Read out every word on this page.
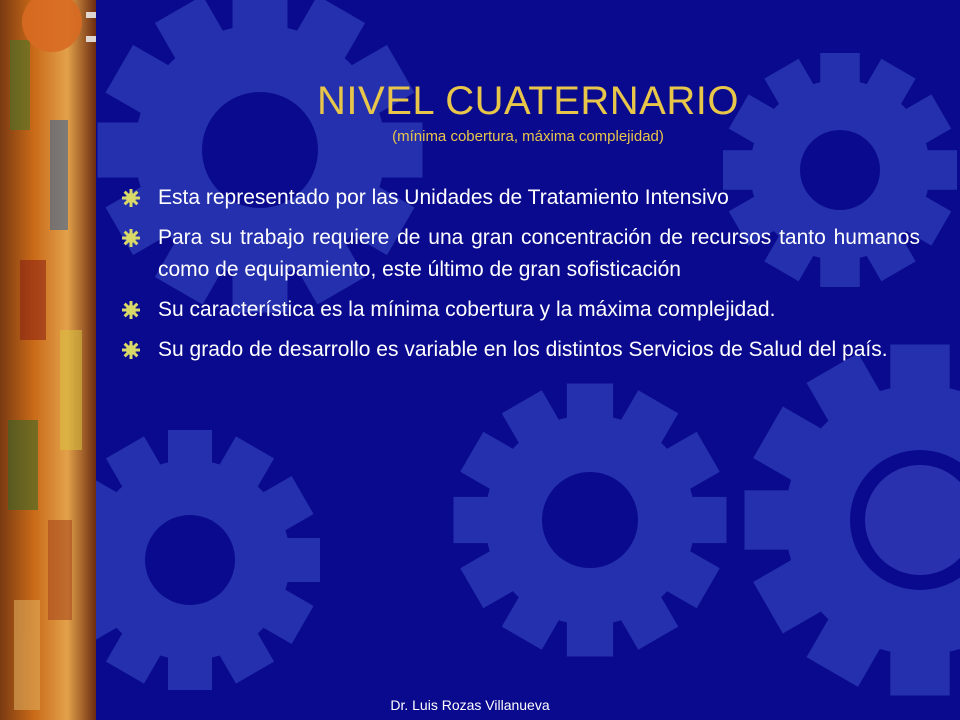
NIVEL CUATERNARIO
(mínima cobertura, máxima complejidad)
Esta representado por las Unidades de Tratamiento Intensivo
Para su trabajo requiere de una gran concentración de recursos tanto humanos como de equipamiento, este último de gran sofisticación
Su característica es la mínima cobertura y la máxima complejidad.
Su grado de desarrollo es variable en los distintos Servicios de Salud del país.
Dr. Luis Rozas Villanueva
